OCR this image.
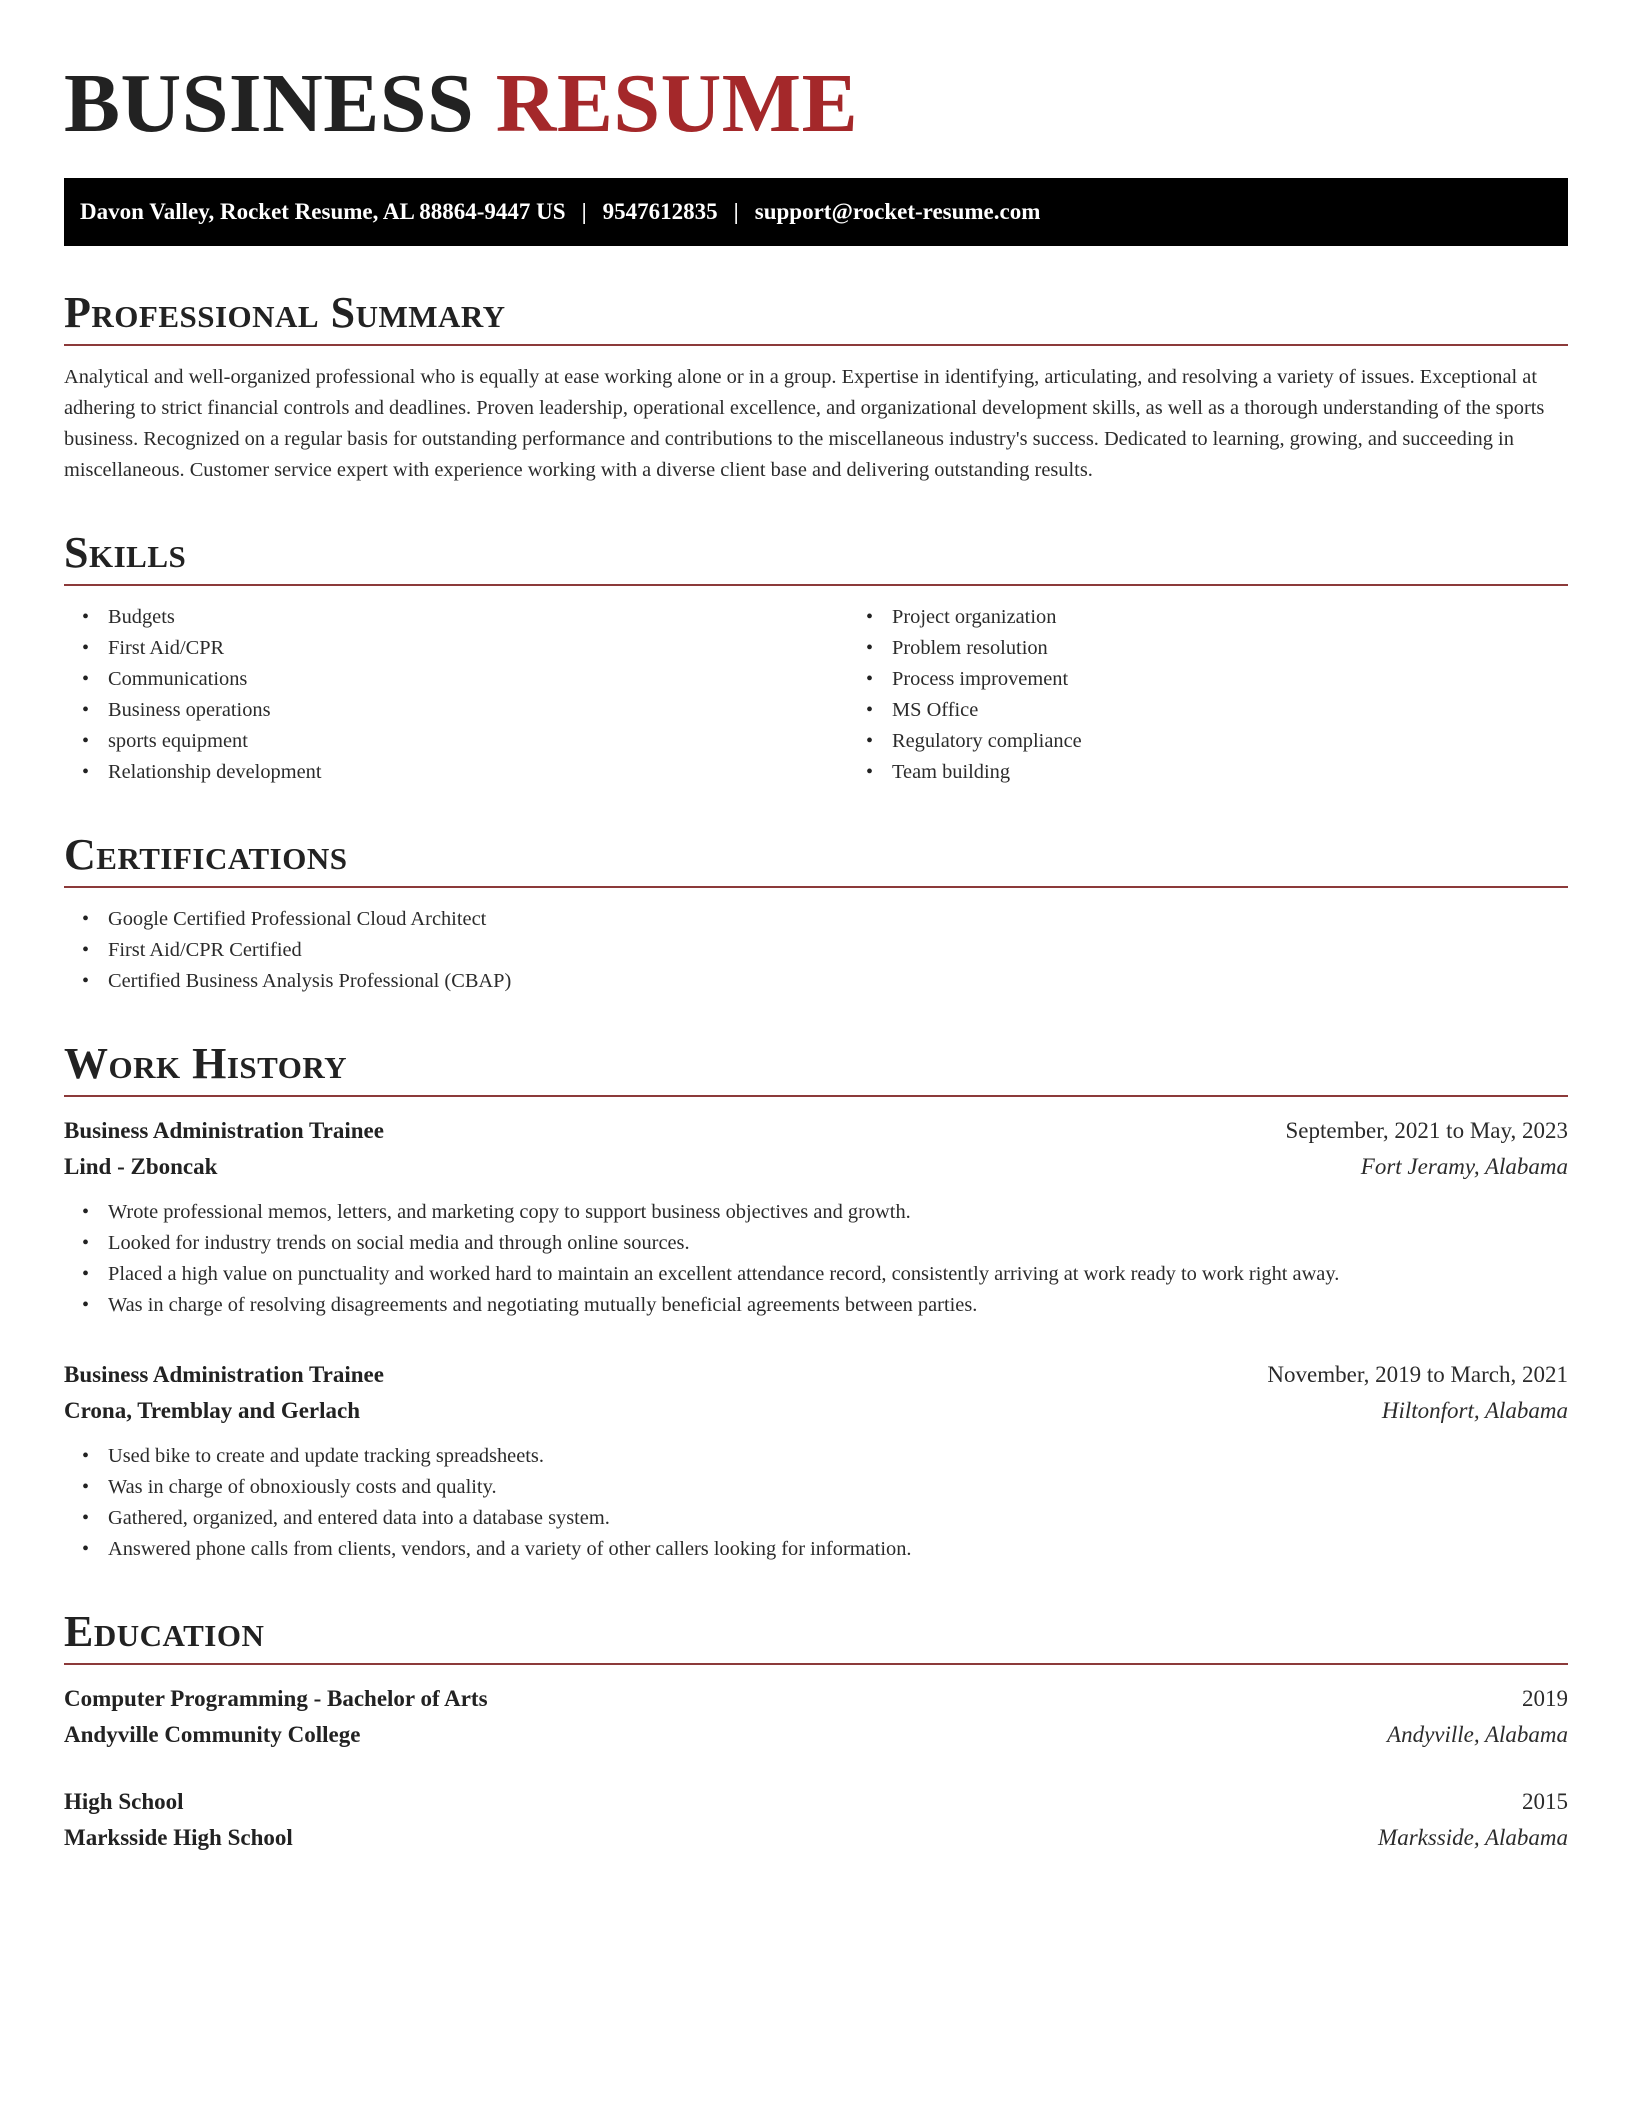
BUSINESS RESUME
Davon Valley, Rocket Resume, AL 88864-9447 US | 9547612835 | support@rocket-resume.com
Professional Summary

Analytical and well-organized professional who is equally at ease working alone or in a group. Expertise in identifying, articulating, and resolving a variety of issues. Exceptional at adhering to strict financial controls and deadlines. Proven leadership, operational excellence, and organizational development skills, as well as a thorough understanding of the sports business. Recognized on a regular basis for outstanding performance and contributions to the miscellaneous industry's success. Dedicated to learning, growing, and succeeding in miscellaneous. Customer service expert with experience working with a diverse client base and delivering outstanding results.

Skills
• Budgets
• First Aid/CPR
• Communications
• Business operations
• sports equipment
• Relationship development
• Project organization
• Problem resolution
• Process improvement
• MS Office
• Regulatory compliance
• Team building
Certifications
• Google Certified Professional Cloud Architect
• First Aid/CPR Certified
• Certified Business Analysis Professional (CBAP)
Work History
Business Administration Trainee	September, 2021 to May, 2023
Lind - Zboncak	Fort Jeramy, Alabama
• Wrote professional memos, letters, and marketing copy to support business objectives and growth.
• Looked for industry trends on social media and through online sources.
• Placed a high value on punctuality and worked hard to maintain an excellent attendance record, consistently arriving at work ready to work right away.
• Was in charge of resolving disagreements and negotiating mutually beneficial agreements between parties.
Business Administration Trainee	November, 2019 to March, 2021
Crona, Tremblay and Gerlach	Hiltonfort, Alabama
• Used bike to create and update tracking spreadsheets.
• Was in charge of obnoxiously costs and quality.
• Gathered, organized, and entered data into a database system.
• Answered phone calls from clients, vendors, and a variety of other callers looking for information.
Education
Computer Programming - Bachelor of Arts	2019
Andyville Community College	Andyville, Alabama
High School	2015
Marksside High School	Marksside, Alabama
